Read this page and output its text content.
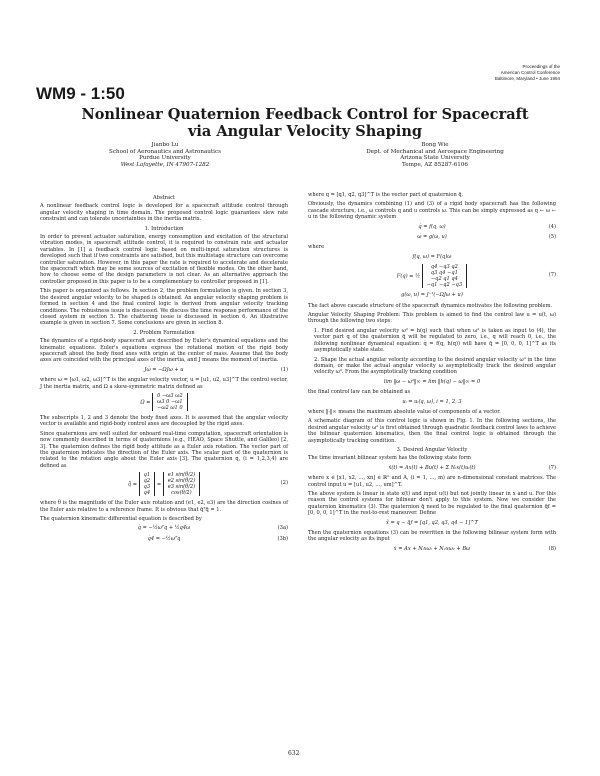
WM9 - 1:50
Proceedings of the
American Control Conference
Baltimore, Maryland • June 1994
Nonlinear Quaternion Feedback Control for Spacecraft via Angular Velocity Shaping
Jianbo Lu
School of Aeronautics and Astronautics
Purdue University
West Lafayette, IN 47907-1282
Bong Wie
Dept. of Mechanical and Aerospace Engineering
Arizona State University
Tempe, AZ 85287-6106
Abstract

A nonlinear feedback control logic is developed for a spacecraft attitude control through angular velocity shaping in time domain. The proposed control logic guarantees slew rate constraint and can tolerate uncertainties in the inertia matrix.

1. Introduction

In order to prevent actuator saturation, energy consumption and excitation of the structural vibration modes, in spacecraft attitude control, it is required to constrain rate and actuator variables. In [1] a feedback control logic based on multi-input saturation structures is developed such that if two constraints are satisfied, but this multistage structure can overcome controller saturation. However, in this paper the rate is required to accelerate and decelerate the spacecraft which may be some sources of excitation of flexible modes. On the other hand, how to choose some of the design parameters is not clear. As an alternative approach the controller proposed in this paper is to be a complementary to controller proposed in [1].

This paper is organized as follows. In section 2, the problem formulation is given. In section 3, the desired angular velocity to be shaped is obtained. An angular velocity shaping problem is formed in section 4 and the final control logic is derived from angular velocity tracking conditions. The robustness issue is discussed. We discuss the time response performance of the closed system in section 5. The chattering issue is discussed in section 6. An illustrative example is given in section 7. Some conclusions are given in section 8.

2. Problem Formulation

The dynamics of a rigid-body spacecraft are described by Euler's dynamical equations and the kinematic equations. Euler's equations express the rotational motion of the rigid body spacecraft about the body fixed axes with origin at the center of mass. Assume that the body axes are coincided with the principal axes of the inertia, and J means the moment of inertia.

Jω̇ = −ΩJω + u	(1)

where ω = [ω1, ω2, ω3]^T is the angular velocity vector, u = [u1, u2, u3]^T the control vector, J the inertia matrix, and Ω a skew-symmetric matrix defined as

Ω =
0 −ω3 ω2
ω3 0 −ω1
−ω2 ω1 0

The subscripts 1, 2 and 3 denote the body fixed axes. It is assumed that the angular velocity vector is available and rigid-body control axes are decoupled by the rigid axes.

Since quaternions are well suited for onboard real-time computation, spacecraft orientation is now commonly described in terms of quaternions (e.g., HEAO, Space Shuttle, and Galileo) [2, 3]. The quaternion defines the rigid body attitude as a Euler axis rotation. The vector part of the quaternion indicates the direction of the Euler axis. The scalar part of the quaternion is related to the rotation angle about the Euler axis [3]. The quaternion q, (i = 1,2,3,4) are defined as

q̄ =
q1
q2
q3
q4
=
e1 sin(θ/2)
e2 sin(θ/2)
e3 sin(θ/2)
cos(θ/2)
(2)

where θ is the magnitude of the Euler axis rotation and (e1, e2, e3) are the direction cosines of the Euler axis relative to a reference frame. It is obvious that q̄ᵀq̄ = 1.

The quaternion kinematic differential equation is described by

q̇ = −½ωᵀq + ½q4ω	(3a)
q̇4 = −½ωᵀq	(3b)

where q = [q1, q2, q3]^T is the vector part of quaternion q̄.

Obviously, the dynamics combining (1) and (3) of a rigid body spacecraft has the following cascade structure, i.e., ω controls q and u controls ω. This can be simply expressed as q ← ω ← u in the following dynamic system

q̇ = f(q, ω)	(4)
ω̇ = g(ω, u)	(5)

where

f(q, ω) = F(q)ω
F(q) = ½
q4 −q3 q2
q3 q4 −q1
−q2 q1 q4
−q1 −q2 −q3
(7)
g(ω, u) = J⁻¹(−ΩJω + u)

The fact above cascade structure of the spacecraft dynamics motivates the following problem.

Angular Velocity Shaping Problem: This problem is aimed to find the control law u = u(t, ω) through the following two steps:

1. Find desired angular velocity ωᵈ = h(q) such that when ωᵈ is taken as input to (4), the vector part q of the quaternion q̄ will be regulated to zero, i.e., q will reach 0, i.e., the following nonlinear dynamical equation: q̇ = f(q, h(q)) will have q̄ = [0, 0, 0, 1]^T as its asymptotically stable state.

2. Shape the actual angular velocity according to the desired angular velocity ωᵈ in the time domain, or make the actual angular velocity ω asymptotically track the desired angular velocity ωᵈ. From the asymptotically tracking condition

lim ‖ω − ωᵈ‖∞ = lim ‖h(q) − ω‖∞ = 0

the final control law can be obtained as

uᵢ = uᵢ(q, ω), i = 1, 2, 3

where ‖·‖∞ means the maximum absolute value of components of a vector.

A schematic diagram of this control logic is shown in Fig. 1. In the following sections, the desired angular velocity ωᵈ is first obtained through quadratic feedback control laws to achieve the bilinear quaternion kinematics, then the final control logic is obtained through the asymptotically tracking condition.

3. Desired Angular Velocity

The time invariant bilinear system has the following state form

ẋ(t) = Ax(t) + Bu(t) + Σ Nᵢx(t)uᵢ(t)	(7)

where x ∈ [x1, x2, ..., xn] ∈ ℝⁿ and A, (i = 1, ..., m) are n-dimensional constant matrices. The control input u = [u1, u2, ..., um]^T.

The above system is linear in state x(t) and input u(t) but not jointly linear in x and u. For this reason the control systems for bilinear don't apply to this system. Now we consider the quaternion kinematics (3). The quaternion q̄ need to be regulated to the final quaternion q̄f = [0, 0, 0, 1]^T in the rest-to-rest maneuver. Define

x̃ = q − q̄f = [q1, q2, q3, q4 − 1]^T

Then the quaternion equations (3) can be rewritten in the following bilinear system form with the angular velocity as its input

ẋ = Ax + Nᵢxωᵢ + N₂xω₂ + Bω	(8)
632
